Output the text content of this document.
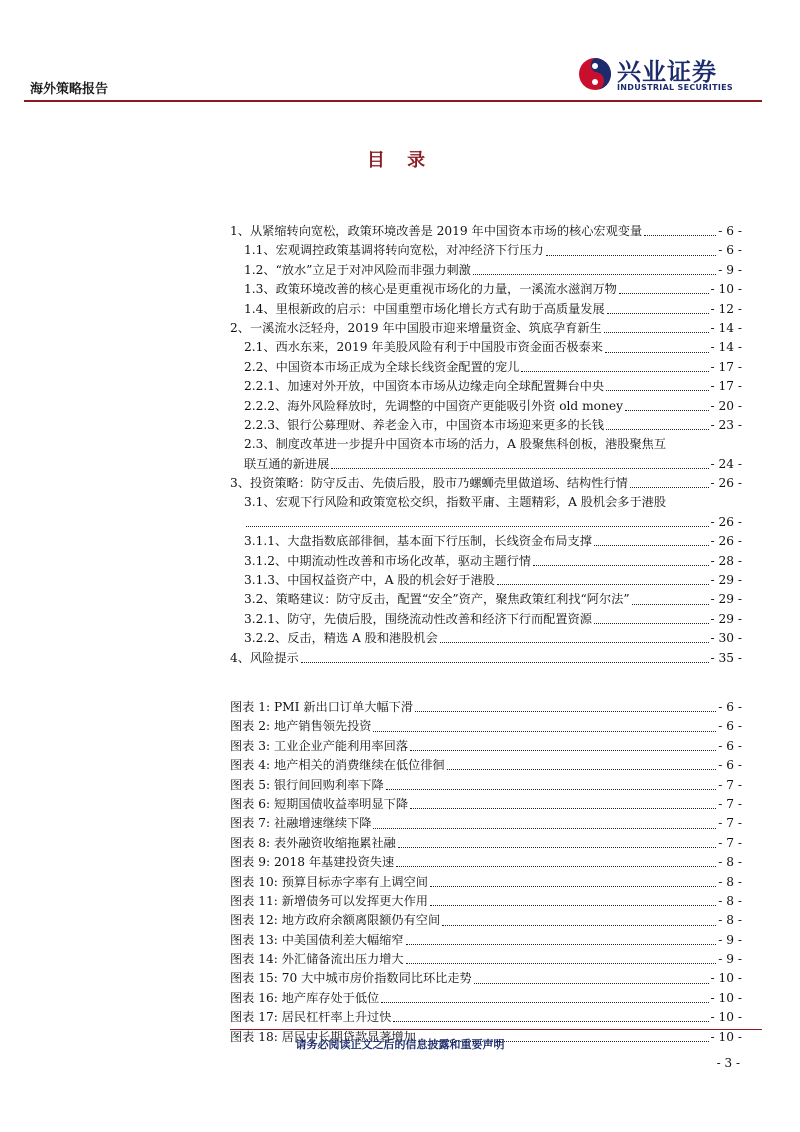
海外策略报告
兴业证券
INDUSTRIAL SECURITIES
目 录
1、从紧缩转向宽松，政策环境改善是 2019 年中国资本市场的核心宏观变量	- 6 -
1.1、宏观调控政策基调将转向宽松，对冲经济下行压力	- 6 -
1.2、“放水”立足于对冲风险而非强力刺激	- 9 -
1.3、政策环境改善的核心是更重视市场化的力量，一溪流水滋润万物	- 10 -
1.4、里根新政的启示：中国重塑市场化增长方式有助于高质量发展	- 12 -
2、一溪流水泛轻舟，2019 年中国股市迎来增量资金、筑底孕育新生	- 14 -
2.1、西水东来，2019 年美股风险有利于中国股市资金面否极泰来	- 14 -
2.2、中国资本市场正成为全球长线资金配置的宠儿	- 17 -
2.2.1、加速对外开放，中国资本市场从边缘走向全球配置舞台中央	- 17 -
2.2.2、海外风险释放时，先调整的中国资产更能吸引外资 old money	- 20 -
2.2.3、银行公募理财、养老金入市，中国资本市场迎来更多的长钱	- 23 -
2.3、制度改革进一步提升中国资本市场的活力，A 股聚焦科创板，港股聚焦互
联互通的新进展	- 24 -
3、投资策略：防守反击、先债后股，股市乃螺蛳壳里做道场、结构性行情	- 26 -
3.1、宏观下行风险和政策宽松交织，指数平庸、主题精彩，A 股机会多于港股
- 26 -
3.1.1、大盘指数底部徘徊，基本面下行压制，长线资金布局支撑	- 26 -
3.1.2、中期流动性改善和市场化改革，驱动主题行情	- 28 -
3.1.3、中国权益资产中，A 股的机会好于港股	- 29 -
3.2、策略建议：防守反击，配置“安全”资产，聚焦政策红利找“阿尔法”	- 29 -
3.2.1、防守，先债后股，围绕流动性改善和经济下行而配置资源	- 29 -
3.2.2、反击，精选 A 股和港股机会	- 30 -
4、风险提示	- 35 -
图表 1: PMI 新出口订单大幅下滑	- 6 -
图表 2: 地产销售领先投资	- 6 -
图表 3: 工业企业产能利用率回落	- 6 -
图表 4: 地产相关的消费继续在低位徘徊	- 6 -
图表 5: 银行间回购利率下降	- 7 -
图表 6: 短期国债收益率明显下降	- 7 -
图表 7: 社融增速继续下降	- 7 -
图表 8: 表外融资收缩拖累社融	- 7 -
图表 9: 2018 年基建投资失速	- 8 -
图表 10: 预算目标赤字率有上调空间	- 8 -
图表 11: 新增债务可以发挥更大作用	- 8 -
图表 12: 地方政府余额离限额仍有空间	- 8 -
图表 13: 中美国债利差大幅缩窄	- 9 -
图表 14: 外汇储备流出压力增大	- 9 -
图表 15: 70 大中城市房价指数同比环比走势	- 10 -
图表 16: 地产库存处于低位	- 10 -
图表 17: 居民杠杆率上升过快	- 10 -
图表 18: 居民中长期贷款显著增加	- 10 -
请务必阅读正文之后的信息披露和重要声明
- 3 -
